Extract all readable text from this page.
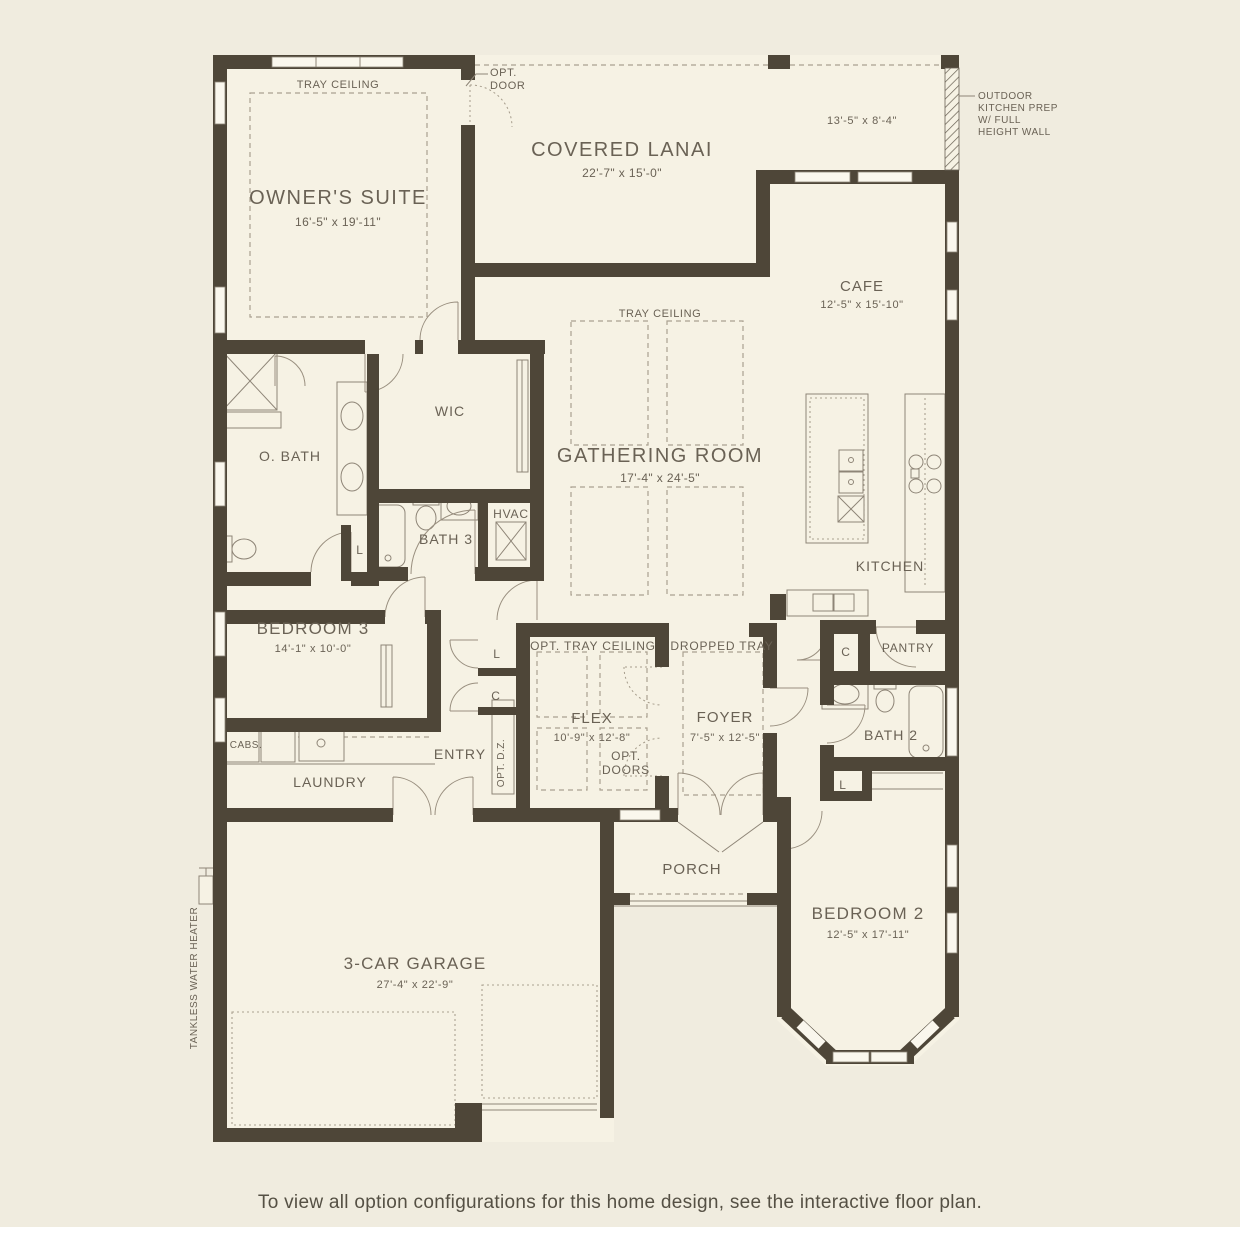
TRAY CEILING
OWNER'S SUITE
16'-5" x 19'-11"
COVERED LANAI
22'-7" x 15'-0"
13'-5" x 8'-4"
OPT.
DOOR
OUTDOOR
KITCHEN PREP
W/ FULL
HEIGHT WALL
CAFE
12'-5" x 15'-10"
TRAY CEILING
GATHERING ROOM
17'-4" x 24'-5"
KITCHEN
PANTRY
C
WIC
O. BATH
BATH 3
HVAC
L
BEDROOM 3
14'-1" x 10'-0"	L
C
CABS.
LAUNDRY
ENTRY OPT. D.Z.
OPT. TRAY CEILING
FLEX
10'-9" x 12'-8"
OPT.
DOORS
DROPPED TRAY
FOYER
7'-5" x 12'-5"	BATH 2
L
BEDROOM 2
12'-5" x 17'-11"
PORCH
3-CAR GARAGE
27'-4" x 22'-9"
TANKLESS WATER HEATER
To view all option configurations for this home design, see the interactive floor plan.
